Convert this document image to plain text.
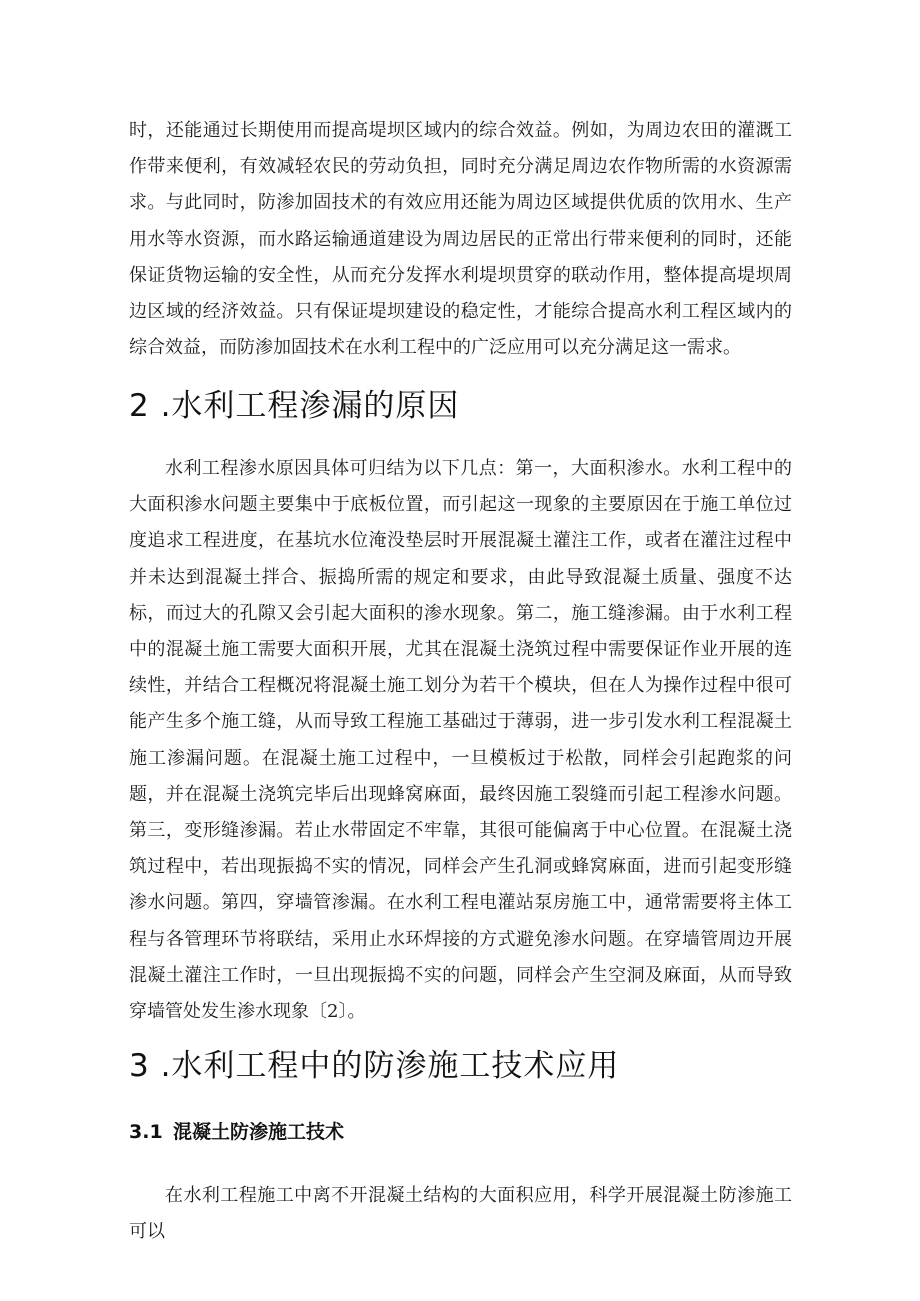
时，还能通过长期使用而提高堤坝区域内的综合效益。例如，为周边农田的灌溉工作带来便利，有效减轻农民的劳动负担，同时充分满足周边农作物所需的水资源需求。与此同时，防渗加固技术的有效应用还能为周边区域提供优质的饮用水、生产用水等水资源，而水路运输通道建设为周边居民的正常出行带来便利的同时，还能保证货物运输的安全性，从而充分发挥水利堤坝贯穿的联动作用，整体提高堤坝周边区域的经济效益。只有保证堤坝建设的稳定性，才能综合提高水利工程区域内的综合效益，而防渗加固技术在水利工程中的广泛应用可以充分满足这一需求。

2 .水利工程渗漏的原因

水利工程渗水原因具体可归结为以下几点：第一，大面积渗水。水利工程中的大面积渗水问题主要集中于底板位置，而引起这一现象的主要原因在于施工单位过度追求工程进度，在基坑水位淹没垫层时开展混凝土灌注工作，或者在灌注过程中并未达到混凝土拌合、振捣所需的规定和要求，由此导致混凝土质量、强度不达标，而过大的孔隙又会引起大面积的渗水现象。第二，施工缝渗漏。由于水利工程中的混凝土施工需要大面积开展，尤其在混凝土浇筑过程中需要保证作业开展的连续性，并结合工程概况将混凝土施工划分为若干个模块，但在人为操作过程中很可能产生多个施工缝，从而导致工程施工基础过于薄弱，进一步引发水利工程混凝土施工渗漏问题。在混凝土施工过程中，一旦模板过于松散，同样会引起跑浆的问题，并在混凝土浇筑完毕后出现蜂窝麻面，最终因施工裂缝而引起工程渗水问题。第三，变形缝渗漏。若止水带固定不牢靠，其很可能偏离于中心位置。在混凝土浇筑过程中，若出现振捣不实的情况，同样会产生孔洞或蜂窝麻面，进而引起变形缝渗水问题。第四，穿墙管渗漏。在水利工程电灌站泵房施工中，通常需要将主体工程与各管理环节将联结，采用止水环焊接的方式避免渗水问题。在穿墙管周边开展混凝土灌注工作时，一旦出现振捣不实的问题，同样会产生空洞及麻面，从而导致穿墙管处发生渗水现象〔2〕。

3 .水利工程中的防渗施工技术应用
3.1 混凝土防渗施工技术

在水利工程施工中离不开混凝土结构的大面积应用，科学开展混凝土防渗施工可以
